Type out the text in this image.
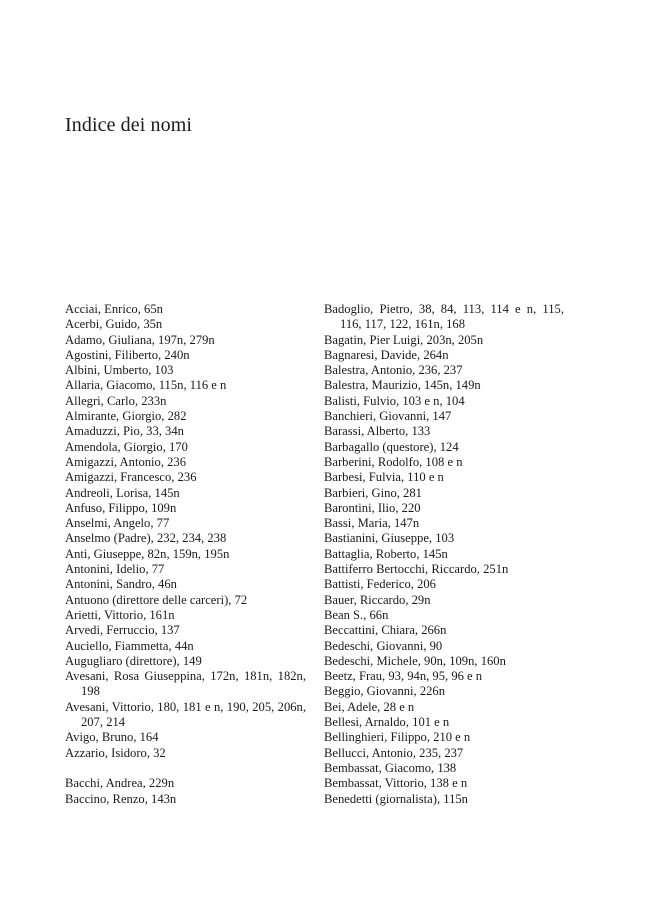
Indice dei nomi
Acciai, Enrico, 65n
Acerbi, Guido, 35n
Adamo, Giuliana, 197n, 279n
Agostini, Filiberto, 240n
Albini, Umberto, 103
Allaria, Giacomo, 115n, 116 e n
Allegri, Carlo, 233n
Almirante, Giorgio, 282
Amaduzzi, Pio, 33, 34n
Amendola, Giorgio, 170
Amigazzi, Antonio, 236
Amigazzi, Francesco, 236
Andreoli, Lorisa, 145n
Anfuso, Filippo, 109n
Anselmi, Angelo, 77
Anselmo (Padre), 232, 234, 238
Anti, Giuseppe, 82n, 159n, 195n
Antonini, Idelio, 77
Antonini, Sandro, 46n
Antuono (direttore delle carceri), 72
Arietti, Vittorio, 161n
Arvedi, Ferruccio, 137
Auciello, Fiammetta, 44n
Augugliaro (direttore), 149
Avesani, Rosa Giuseppina, 172n, 181n, 182n, 198
Avesani, Vittorio, 180, 181 e n, 190, 205, 206n, 207, 214
Avigo, Bruno, 164
Azzario, Isidoro, 32
Bacchi, Andrea, 229n
Baccino, Renzo, 143n
Badoglio, Pietro, 38, 84, 113, 114 e n, 115, 116, 117, 122, 161n, 168
Bagatin, Pier Luigi, 203n, 205n
Bagnaresi, Davide, 264n
Balestra, Antonio, 236, 237
Balestra, Maurizio, 145n, 149n
Balisti, Fulvio, 103 e n, 104
Banchieri, Giovanni, 147
Barassi, Alberto, 133
Barbagallo (questore), 124
Barberini, Rodolfo, 108 e n
Barbesi, Fulvia, 110 e n
Barbieri, Gino, 281
Barontini, Ilio, 220
Bassi, Maria, 147n
Bastianini, Giuseppe, 103
Battaglia, Roberto, 145n
Battiferro Bertocchi, Riccardo, 251n
Battisti, Federico, 206
Bauer, Riccardo, 29n
Bean S., 66n
Beccattini, Chiara, 266n
Bedeschi, Giovanni, 90
Bedeschi, Michele, 90n, 109n, 160n
Beetz, Frau, 93, 94n, 95, 96 e n
Beggio, Giovanni, 226n
Bei, Adele, 28 e n
Bellesi, Arnaldo, 101 e n
Bellinghieri, Filippo, 210 e n
Bellucci, Antonio, 235, 237
Bembassat, Giacomo, 138
Bembassat, Vittorio, 138 e n
Benedetti (giornalista), 115n
